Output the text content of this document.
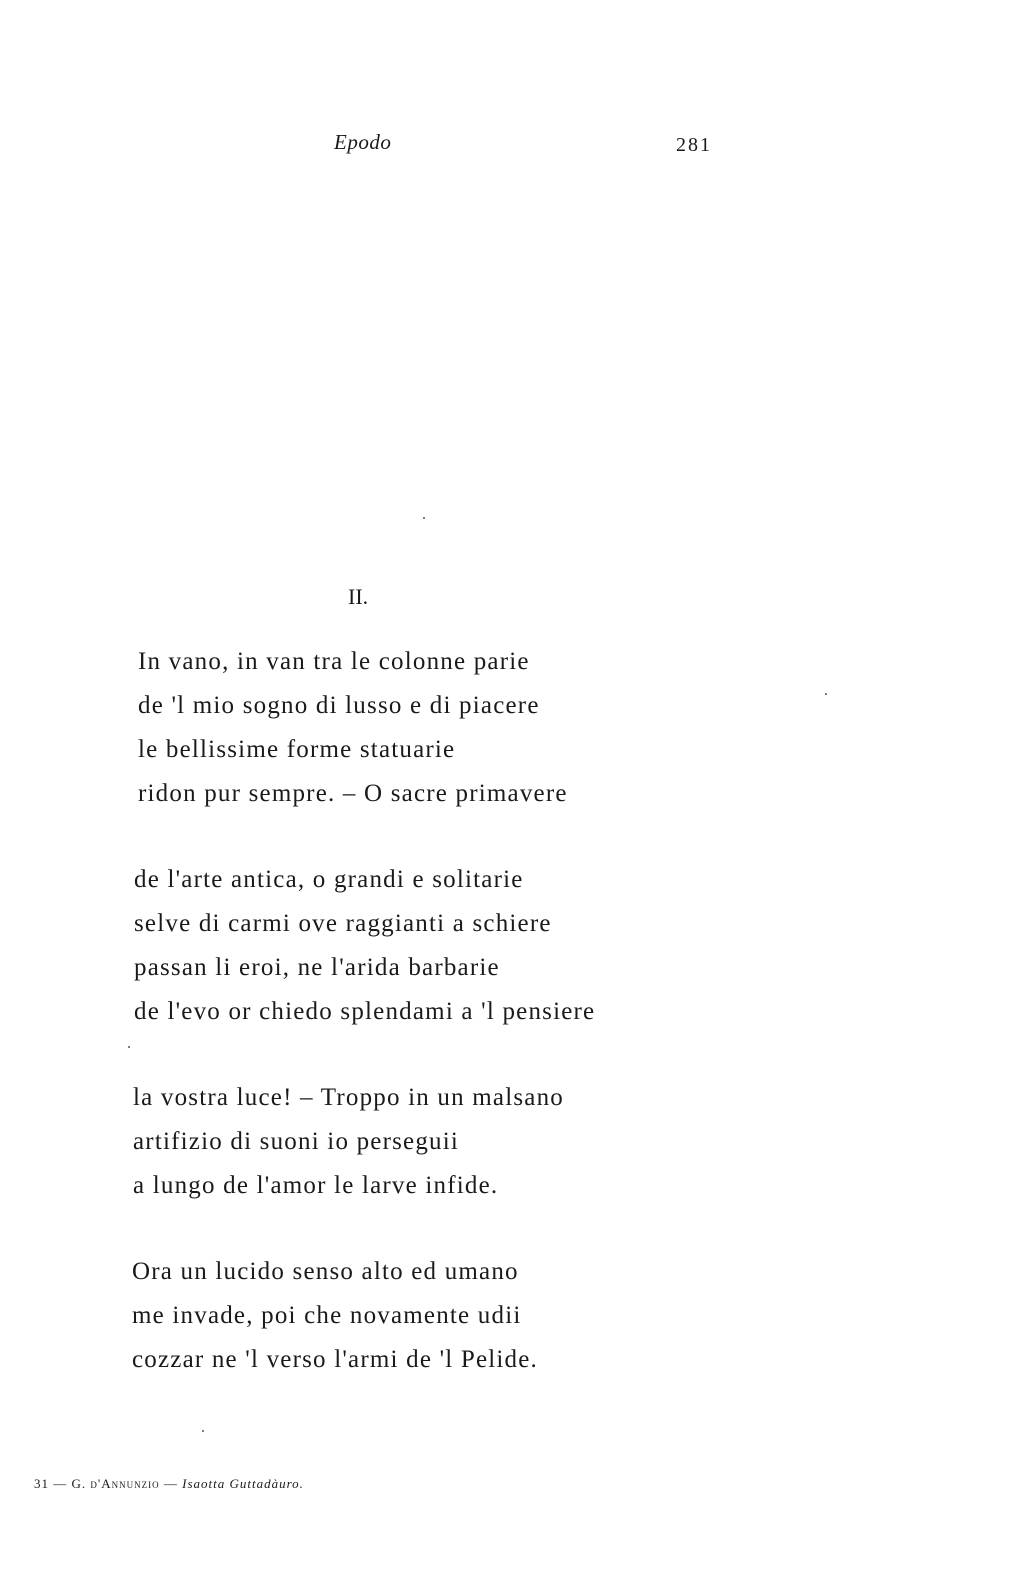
Epodo	281
II.
In vano, in van tra le colonne parie
de 'l mio sogno di lusso e di piacere
le bellissime forme statuarie
ridon pur sempre. – O sacre primavere
de l'arte antica, o grandi e solitarie
selve di carmi ove raggianti a schiere
passan li eroi, ne l'arida barbarie
de l'evo or chiedo splendami a 'l pensiere
la vostra luce! – Troppo in un malsano
artifizio di suoni io perseguii
a lungo de l'amor le larve infide.
Ora un lucido senso alto ed umano
me invade, poi che novamente udii
cozzar ne 'l verso l'armi de 'l Pelide.
31 — G. d'Annunzio — Isaotta Guttadàuro.
